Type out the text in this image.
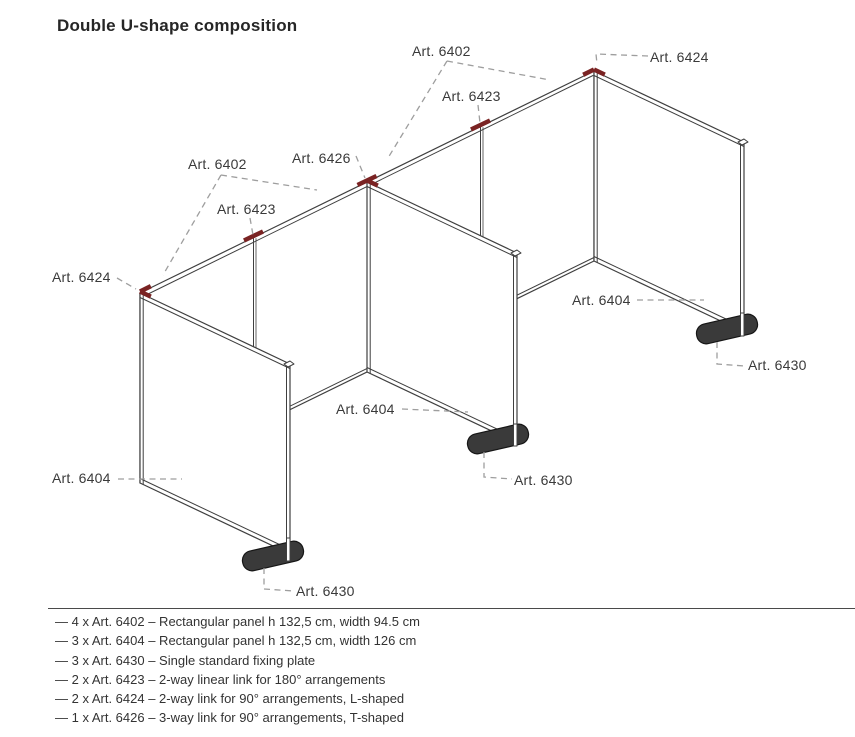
Double U-shape composition
Art. 6402	Art. 6424
Art. 6423
Art. 6426
Art. 6402
Art. 6423
Art. 6424
Art. 6404
Art. 6404
Art. 6404
Art. 6430
Art. 6430
Art. 6430
— 4 x Art. 6402 – Rectangular panel h 132,5 cm, width 94.5 cm
— 3 x Art. 6404 – Rectangular panel h 132,5 cm, width 126 cm
— 3 x Art. 6430 – Single standard fixing plate
— 2 x Art. 6423 – 2-way linear link for 180° arrangements
— 2 x Art. 6424 – 2-way link for 90° arrangements, L-shaped
— 1 x Art. 6426 – 3-way link for 90° arrangements, T-shaped
